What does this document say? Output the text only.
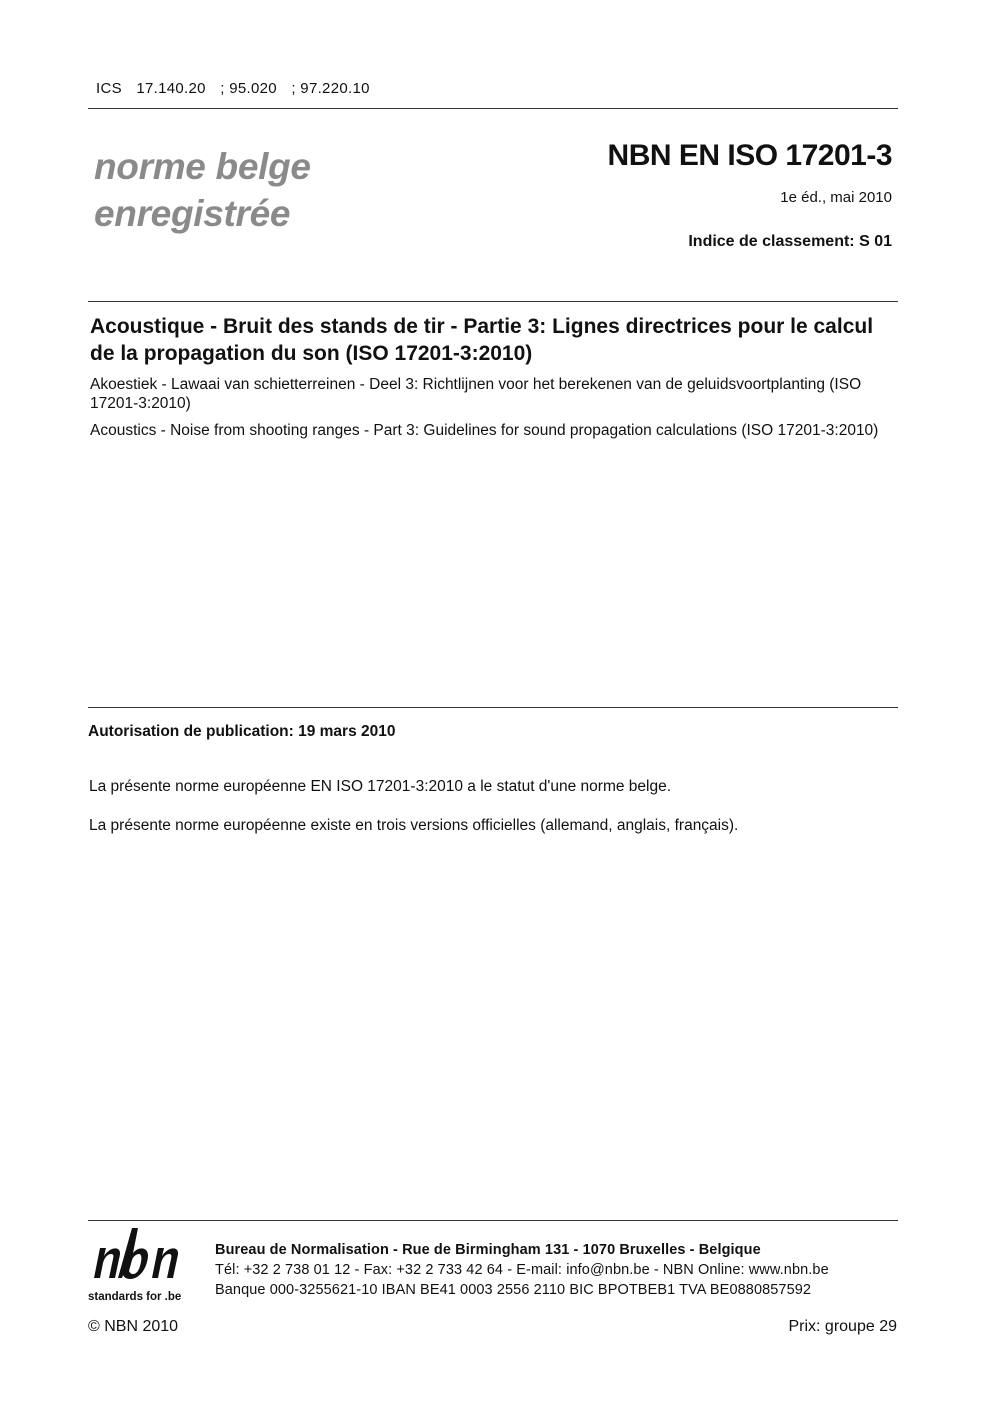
ICS 17.140.20 ; 95.020 ; 97.220.10
norme belge
enregistrée
NBN EN ISO 17201-3
1e éd., mai 2010
Indice de classement: S 01
Acoustique - Bruit des stands de tir - Partie 3: Lignes directrices pour le calcul de la propagation du son (ISO 17201-3:2010)
Akoestiek - Lawaai van schietterreinen - Deel 3: Richtlijnen voor het berekenen van de geluidsvoortplanting (ISO 17201-3:2010)
Acoustics - Noise from shooting ranges - Part 3: Guidelines for sound propagation calculations (ISO 17201-3:2010)
Autorisation de publication: 19 mars 2010
La présente norme européenne EN ISO 17201-3:2010 a le statut d'une norme belge.
La présente norme européenne existe en trois versions officielles (allemand, anglais, français).
standards for .be
Bureau de Normalisation - Rue de Birmingham 131 - 1070 Bruxelles - Belgique
Tél: +32 2 738 01 12 - Fax: +32 2 733 42 64 - E-mail: info@nbn.be - NBN Online: www.nbn.be
Banque 000-3255621-10 IBAN BE41 0003 2556 2110 BIC BPOTBEB1 TVA BE0880857592
© NBN 2010	Prix: groupe 29
